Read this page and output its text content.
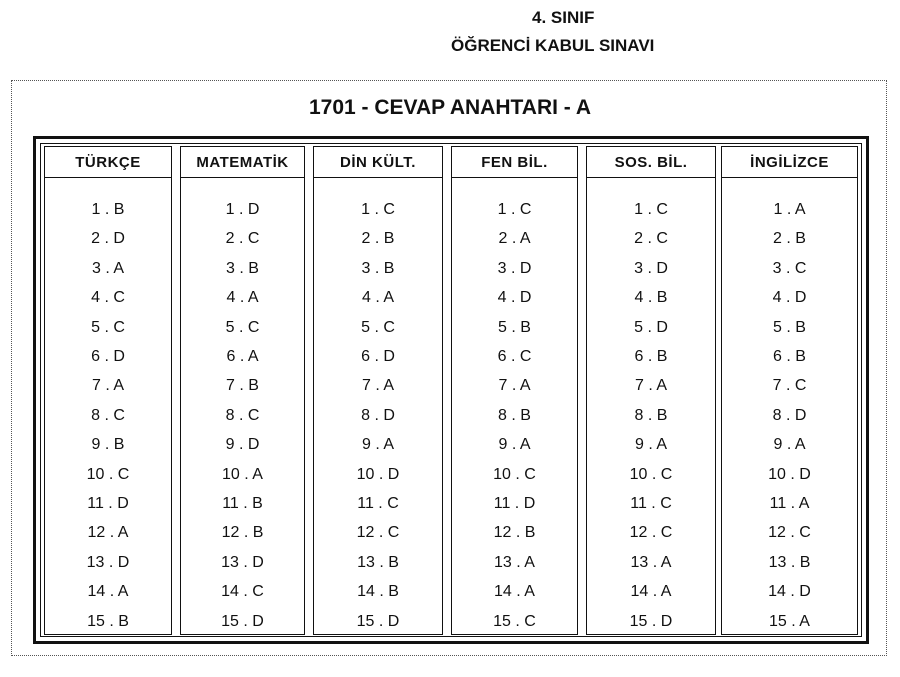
4. SINIF
ÖĞRENCİ KABUL SINAVI
1701 - CEVAP ANAHTARI - A
TÜRKÇE
1 . B
2 . D
3 . A
4 . C
5 . C
6 . D
7 . A
8 . C
9 . B
10 . C
11 . D
12 . A
13 . D
14 . A
15 . B
MATEMATİK
1 . D
2 . C
3 . B
4 . A
5 . C
6 . A
7 . B
8 . C
9 . D
10 . A
11 . B
12 . B
13 . D
14 . C
15 . D
DİN KÜLT.
1 . C
2 . B
3 . B
4 . A
5 . C
6 . D
7 . A
8 . D
9 . A
10 . D
11 . C
12 . C
13 . B
14 . B
15 . D
FEN BİL.
1 . C
2 . A
3 . D
4 . D
5 . B
6 . C
7 . A
8 . B
9 . A
10 . C
11 . D
12 . B
13 . A
14 . A
15 . C
SOS. BİL.
1 . C
2 . C
3 . D
4 . B
5 . D
6 . B
7 . A
8 . B
9 . A
10 . C
11 . C
12 . C
13 . A
14 . A
15 . D
İNGİLİZCE
1 . A
2 . B
3 . C
4 . D
5 . B
6 . B
7 . C
8 . D
9 . A
10 . D
11 . A
12 . C
13 . B
14 . D
15 . A
